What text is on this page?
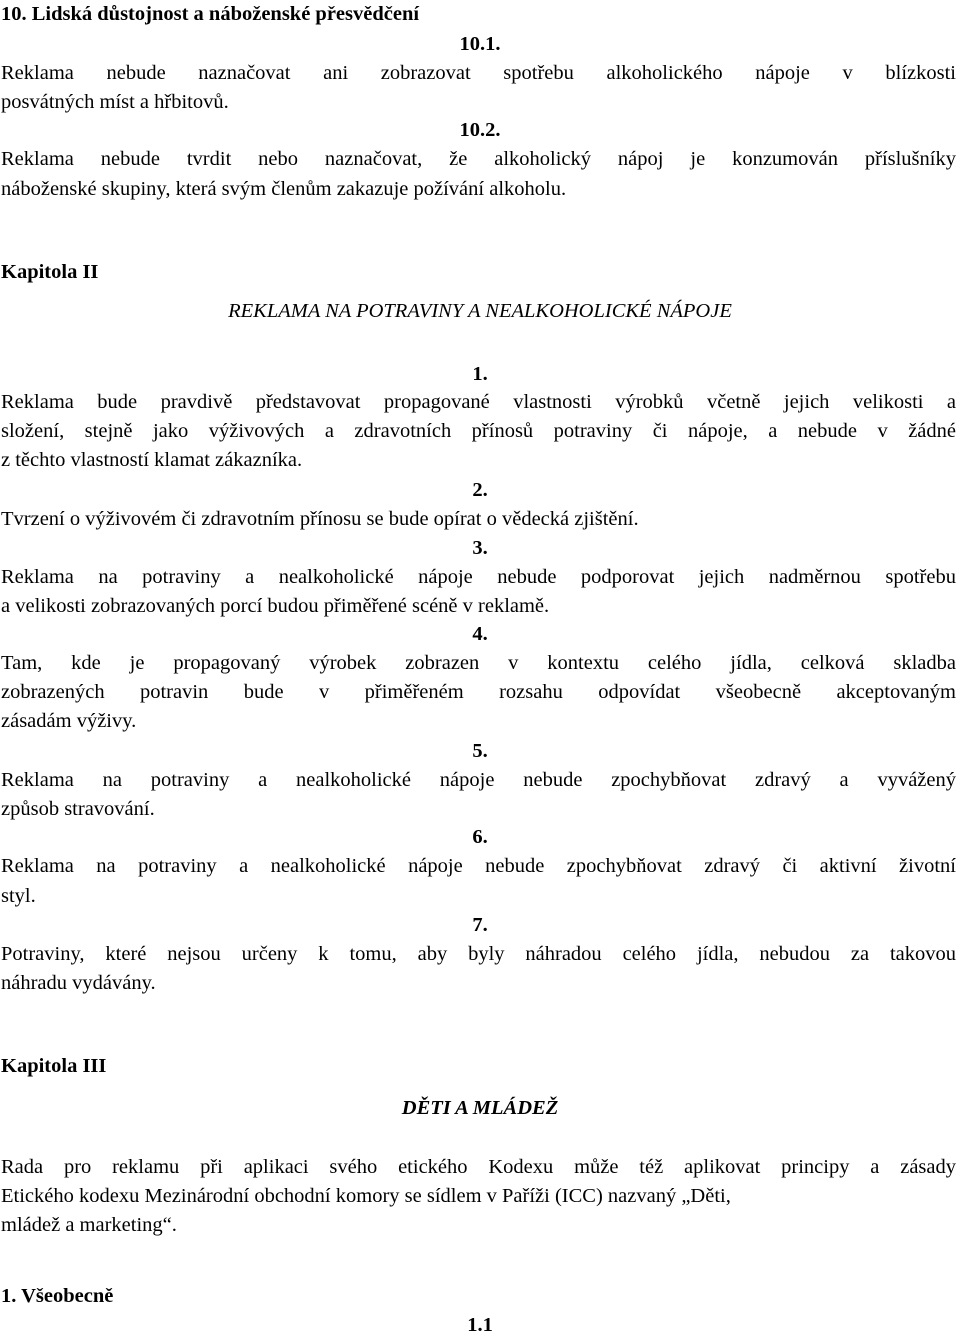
10. Lidská důstojnost a náboženské přesvědčení
10.1.
Reklama nebude naznačovat ani zobrazovat spotřebu alkoholického nápoje v blízkosti
posvátných míst a hřbitovů.
10.2.
Reklama nebude tvrdit nebo naznačovat, že alkoholický nápoj je konzumován příslušníky
náboženské skupiny, která svým členům zakazuje požívání alkoholu.
Kapitola II
REKLAMA NA POTRAVINY A NEALKOHOLICKÉ NÁPOJE
1.
Reklama bude pravdivě představovat propagované vlastnosti výrobků včetně jejich velikosti a
složení, stejně jako výživových a zdravotních přínosů potraviny či nápoje, a nebude v žádné
z těchto vlastností klamat zákazníka.
2.
Tvrzení o výživovém či zdravotním přínosu se bude opírat o vědecká zjištění.
3.
Reklama na potraviny a nealkoholické nápoje nebude podporovat jejich nadměrnou spotřebu
a velikosti zobrazovaných porcí budou přiměřené scéně v reklamě.
4.
Tam, kde je propagovaný výrobek zobrazen v kontextu celého jídla, celková skladba
zobrazených potravin bude v přiměřeném rozsahu odpovídat všeobecně akceptovaným
zásadám výživy.
5.
Reklama na potraviny a nealkoholické nápoje nebude zpochybňovat zdravý a vyvážený
způsob stravování.
6.
Reklama na potraviny a nealkoholické nápoje nebude zpochybňovat zdravý či aktivní životní
styl.
7.
Potraviny, které nejsou určeny k tomu, aby byly náhradou celého jídla, nebudou za takovou
náhradu vydávány.
Kapitola III
DĚTI A MLÁDEŽ
Rada pro reklamu při aplikaci svého etického Kodexu může též aplikovat principy a zásady
Etického kodexu Mezinárodní obchodní komory se sídlem v Paříži (ICC) nazvaný „Děti,
mládež a marketing“.
1. Všeobecně
1.1
